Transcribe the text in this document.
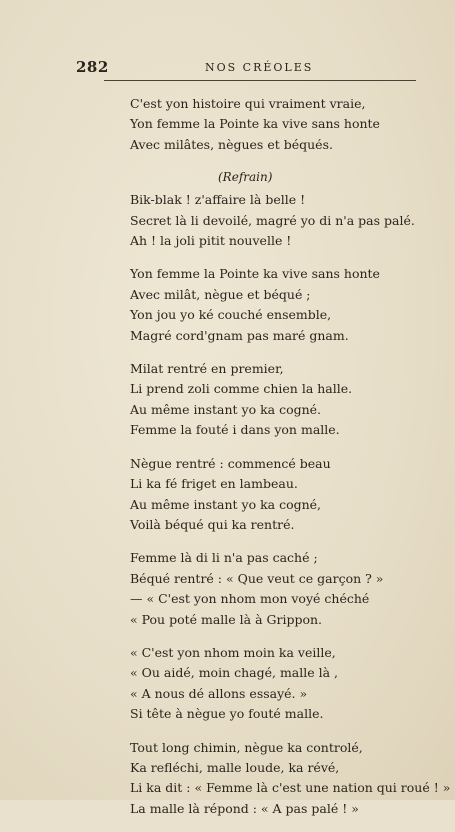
282	NOS CRÉOLES
C'est yon histoire qui vraiment vraie,
Yon femme la Pointe ka vive sans honte
Avec milâtes, nègues et béqués.
(Refrain)
Bik-blak ! z'affaire là belle !
Secret là li devoilé, magré yo di n'a pas palé.
Ah ! la joli pitit nouvelle !
Yon femme la Pointe ka vive sans honte
Avec milât, nègue et béqué ;
Yon jou yo ké couché ensemble,
Magré cord'gnam pas maré gnam.
Milat rentré en premier,
Li prend zoli comme chien la halle.
Au même instant yo ka cogné.
Femme la fouté i dans yon malle.
Nègue rentré : commencé beau
Li ka fé friget en lambeau.
Au même instant yo ka cogné,
Voilà béqué qui ka rentré.
Femme là di li n'a pas caché ;
Béqué rentré : « Que veut ce garçon ? »
— « C'est yon nhom mon voyé chéché
« Pou poté malle là à Grippon.
« C'est yon nhom moin ka veille,
« Ou aidé, moin chagé, malle là ,
« A nous dé allons essayé. »
Si tête à nègue yo fouté malle.
Tout long chimin, nègue ka controlé,
Ka refléchi, malle loude, ka révé,
Li ka dit : « Femme là c'est une nation qui roué ! »
La malle là répond : « A pas palé ! »
